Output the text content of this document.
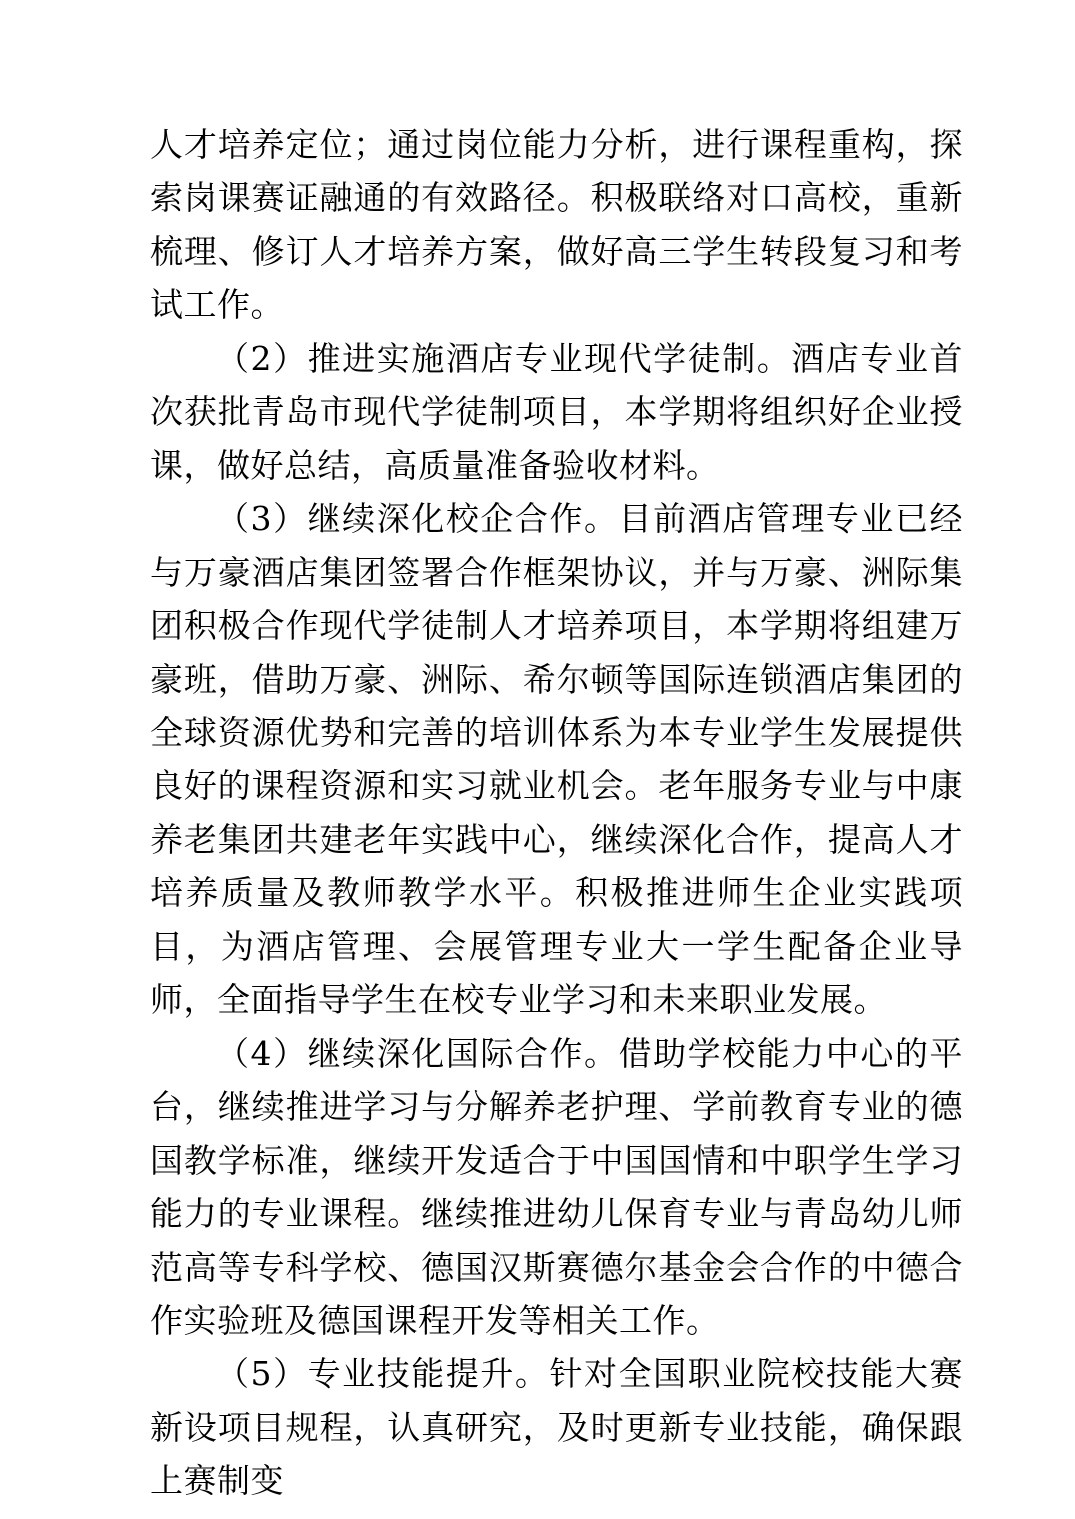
人才培养定位；通过岗位能力分析，进行课程重构，探索岗课赛证融通的有效路径。积极联络对口高校，重新梳理、修订人才培养方案，做好高三学生转段复习和考试工作。

（2）推进实施酒店专业现代学徒制。酒店专业首次获批青岛市现代学徒制项目，本学期将组织好企业授课，做好总结，高质量准备验收材料。

（3）继续深化校企合作。目前酒店管理专业已经与万豪酒店集团签署合作框架协议，并与万豪、洲际集团积极合作现代学徒制人才培养项目，本学期将组建万豪班，借助万豪、洲际、希尔顿等国际连锁酒店集团的全球资源优势和完善的培训体系为本专业学生发展提供良好的课程资源和实习就业机会。老年服务专业与中康养老集团共建老年实践中心，继续深化合作，提高人才培养质量及教师教学水平。积极推进师生企业实践项目，为酒店管理、会展管理专业大一学生配备企业导师，全面指导学生在校专业学习和未来职业发展。

（4）继续深化国际合作。借助学校能力中心的平台，继续推进学习与分解养老护理、学前教育专业的德国教学标准，继续开发适合于中国国情和中职学生学习能力的专业课程。继续推进幼儿保育专业与青岛幼儿师范高等专科学校、德国汉斯赛德尔基金会合作的中德合作实验班及德国课程开发等相关工作。

（5）专业技能提升。针对全国职业院校技能大赛新设项目规程，认真研究，及时更新专业技能，确保跟上赛制变
